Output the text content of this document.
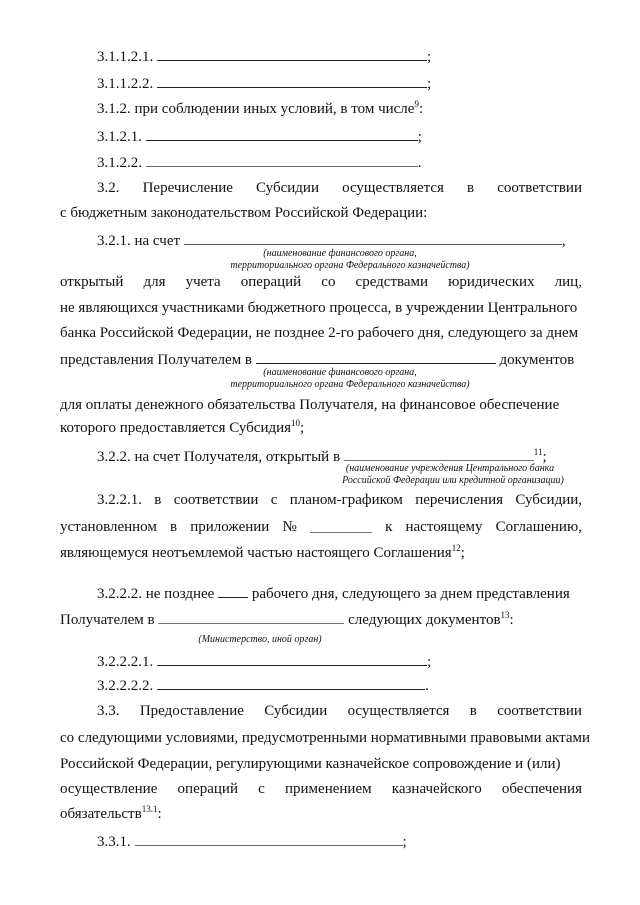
3.1.1.2.1.	;
3.1.1.2.2.	;
3.1.2. при соблюдении иных условий, в том числе$^9$:
3.1.2.1.	;
3.1.2.2.	.
3.2. Перечисление Субсидии осуществляется в соответствии
с бюджетным законодательством Российской Федерации:
3.2.1. на счет	,
(наименование финансового органа,
территориального органа Федерального казначейства)
открытый для учета операций со средствами юридических лиц,
не являющихся участниками бюджетного процесса, в учреждении Центрального
банка Российской Федерации, не позднее 2-го рабочего дня, следующего за днем
представления Получателем в	документов
(наименование финансового органа,
территориального органа Федерального казначейства)
для оплаты денежного обязательства Получателя, на финансовое обеспечение
которого предоставляется Субсидия$^{10}$;
3.2.2. на счет Получателя, открытый в	$^{11}$;
(наименование учреждения Центрального банка
Российской Федерации или кредитной организации)
3.2.2.1. в соответствии с планом-графиком перечисления Субсидии,
установленном в приложении №	к настоящему Соглашению,
являющемуся неотъемлемой частью настоящего Соглашения$^{12}$;
3.2.2.2. не позднее	рабочего дня, следующего за днем представления
Получателем в	следующих документов$^{13}$:
(Министерство, иной орган)
3.2.2.2.1.	;
3.2.2.2.2.	.
3.3. Предоставление Субсидии осуществляется в соответствии
со следующими условиями, предусмотренными нормативными правовыми актами
Российской Федерации, регулирующими казначейское сопровождение и (или)
осуществление операций с применением казначейского обеспечения
обязательств$^{13.1}$:
3.3.1.	;
